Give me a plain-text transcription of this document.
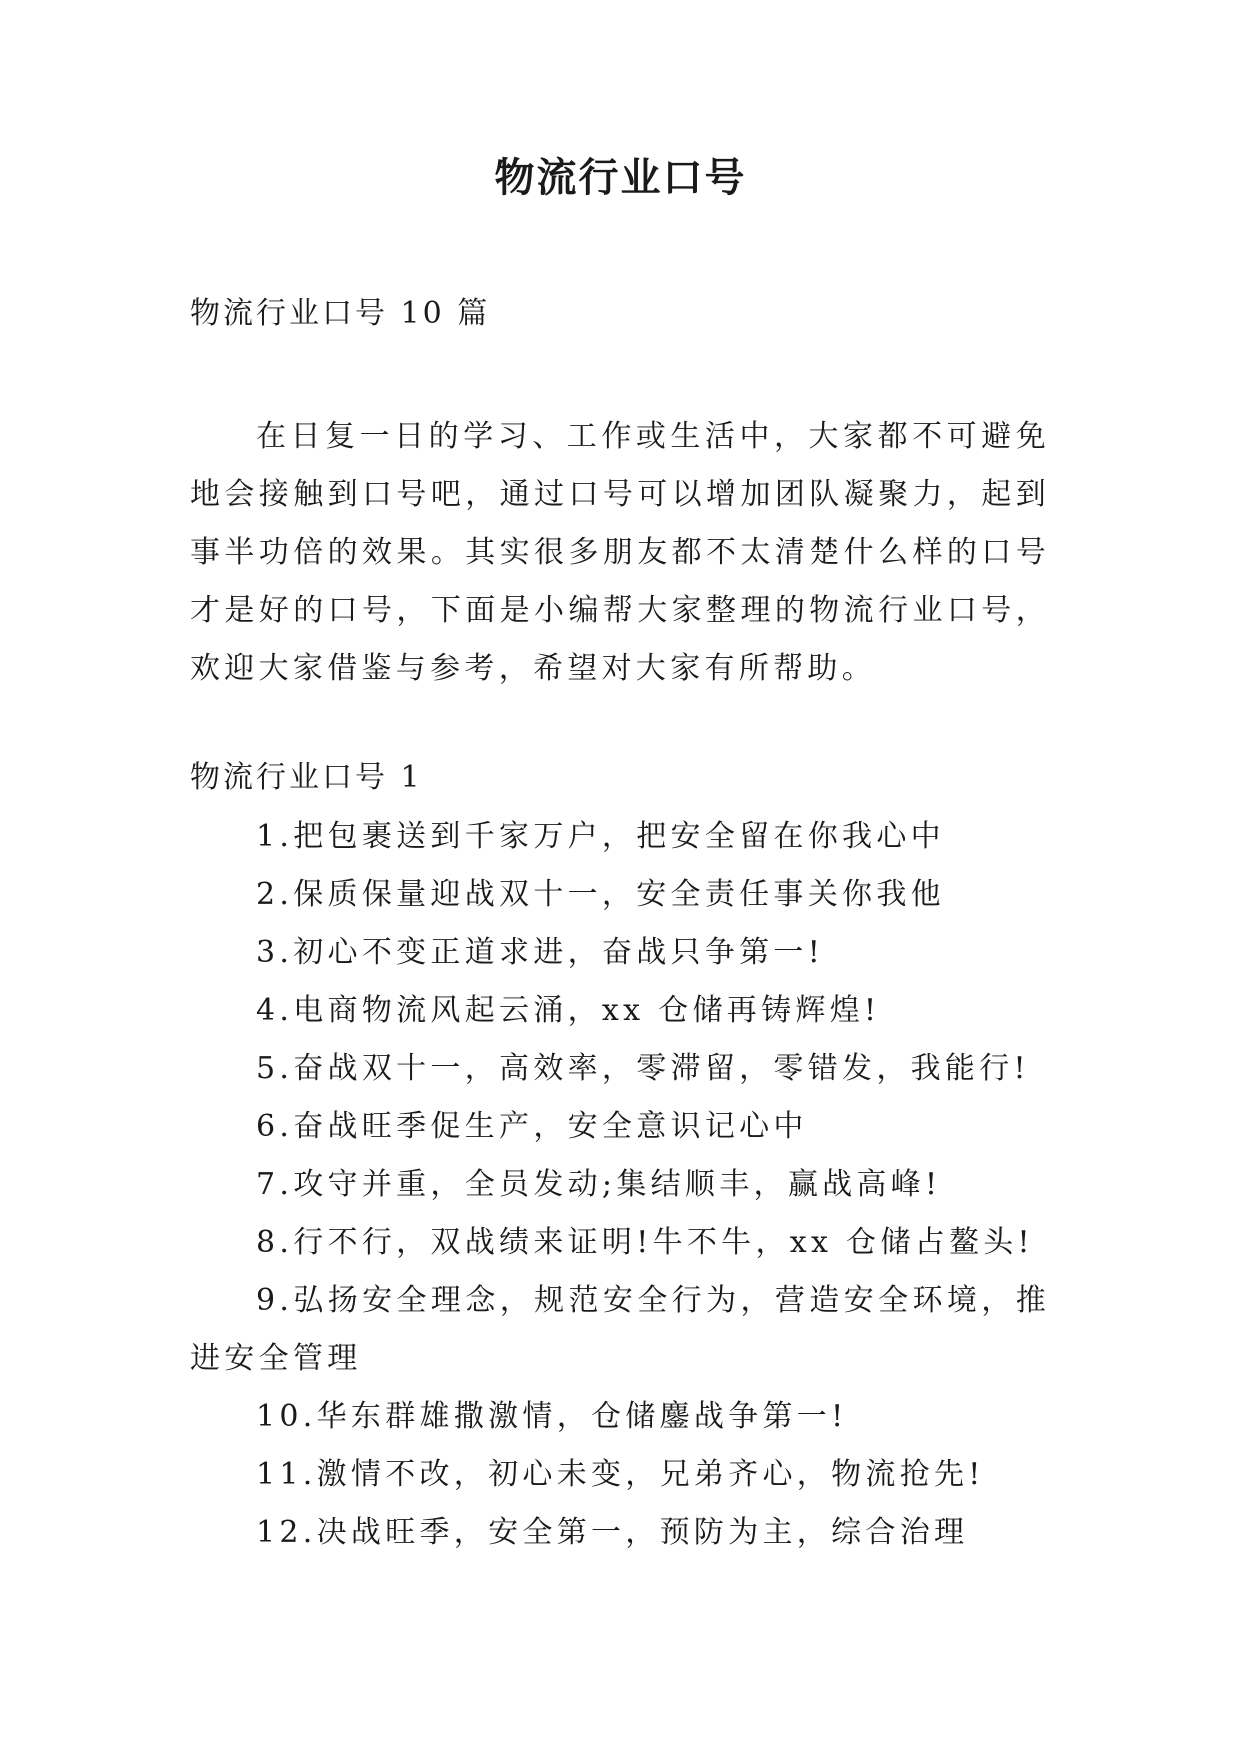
物流行业口号

物流行业口号 10 篇

在日复一日的学习、工作或生活中，大家都不可避免地会接触到口号吧，通过口号可以增加团队凝聚力，起到事半功倍的效果。其实很多朋友都不太清楚什么样的口号才是好的口号，下面是小编帮大家整理的物流行业口号，欢迎大家借鉴与参考，希望对大家有所帮助。

物流行业口号 1

1.把包裹送到千家万户，把安全留在你我心中
2.保质保量迎战双十一，安全责任事关你我他
3.初心不变正道求进，奋战只争第一!
4.电商物流风起云涌，xx 仓储再铸辉煌!
5.奋战双十一，高效率，零滞留，零错发，我能行!
6.奋战旺季促生产，安全意识记心中
7.攻守并重，全员发动;集结顺丰，赢战高峰!
8.行不行，双战绩来证明!牛不牛，xx 仓储占鳌头!
9.弘扬安全理念，规范安全行为，营造安全环境，推进安全管理
10.华东群雄撒激情，仓储鏖战争第一!
11.激情不改，初心未变，兄弟齐心，物流抢先!
12.决战旺季，安全第一，预防为主，综合治理
